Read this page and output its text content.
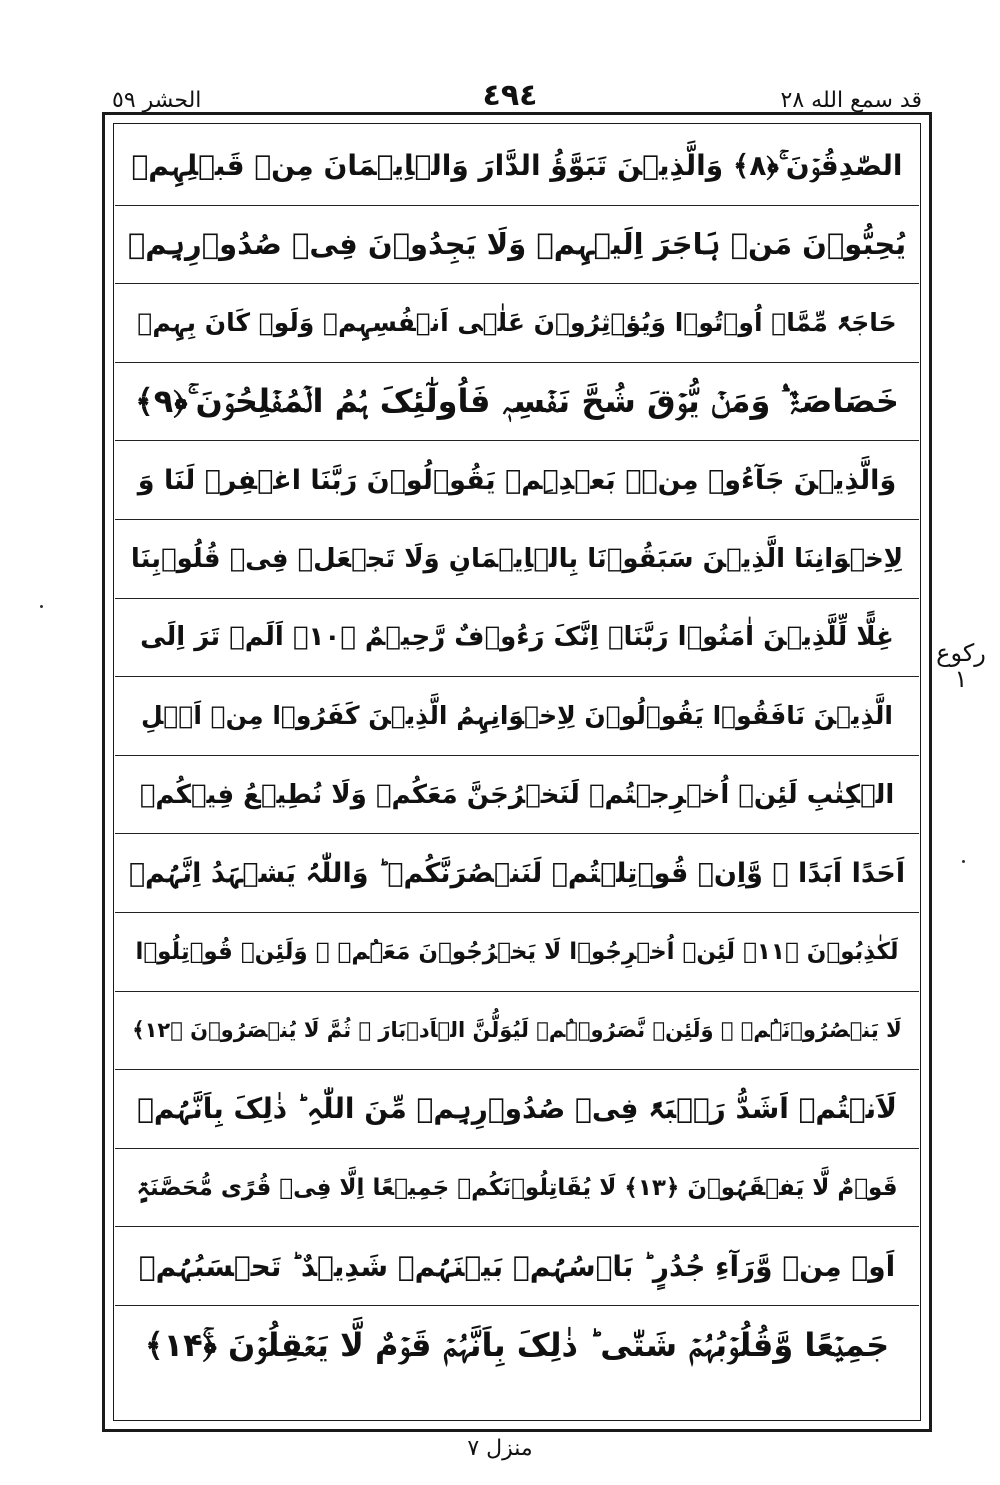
الحشر ٥٩	٤٩٤	قد سمع الله ٢٨
الصّٰدِقُوۡنَ ۚ﴿۸﴾ وَالَّذِیۡنَ تَبَوَّؤُ الدَّارَ وَالۡاِیۡمَانَ مِنۡ قَبۡلِہِمۡ
یُحِبُّوۡنَ مَنۡ ہَاجَرَ اِلَیۡہِمۡ وَلَا یَجِدُوۡنَ فِیۡ صُدُوۡرِہِمۡ
حَاجَۃً مِّمَّاۤ اُوۡتُوۡا وَیُؤۡثِرُوۡنَ عَلٰۤی اَنۡفُسِہِمۡ وَلَوۡ کَانَ بِہِمۡ
خَصَاصَۃٌ ؕ۟ وَمَنۡ یُّوۡقَ شُحَّ نَفۡسِہٖ فَاُولٰٓئِکَ ہُمُ الۡمُفۡلِحُوۡنَ ۚ﴿۹﴾
وَالَّذِیۡنَ جَآءُوۡ مِنۡۢ بَعۡدِہِمۡ یَقُوۡلُوۡنَ رَبَّنَا اغۡفِرۡ لَنَا وَ
لِاِخۡوَانِنَا الَّذِیۡنَ سَبَقُوۡنَا بِالۡاِیۡمَانِ وَلَا تَجۡعَلۡ فِیۡ قُلُوۡبِنَا
غِلًّا لِّلَّذِیۡنَ اٰمَنُوۡا رَبَّنَاۤ اِنَّکَ رَءُوۡفٌ رَّحِیۡمٌ ﴿۱۰﴾ اَلَمۡ تَرَ اِلَی
الَّذِیۡنَ نَافَقُوۡا یَقُوۡلُوۡنَ لِاِخۡوَانِہِمُ الَّذِیۡنَ کَفَرُوۡا مِنۡ اَہۡلِ
الۡکِتٰبِ لَئِنۡ اُخۡرِجۡتُمۡ لَنَخۡرُجَنَّ مَعَکُمۡ وَلَا نُطِیۡعُ فِیۡکُمۡ
اَحَدًا اَبَدًا ۙ وَّاِنۡ قُوۡتِلۡتُمۡ لَنَنۡصُرَنَّکُمۡ ؕ وَاللّٰہُ یَشۡہَدُ اِنَّہُمۡ
لَکٰذِبُوۡنَ ﴿۱۱﴾ لَئِنۡ اُخۡرِجُوۡا لَا یَخۡرُجُوۡنَ مَعَہُمۡ ۚ وَلَئِنۡ قُوۡتِلُوۡا
لَا یَنۡصُرُوۡنَہُمۡ ۚ وَلَئِنۡ نَّصَرُوۡہُمۡ لَیُوَلُّنَّ الۡاَدۡبَارَ ۟ ثُمَّ لَا یُنۡصَرُوۡنَ ﴿۱۲﴾
لَاَنۡتُمۡ اَشَدُّ رَہۡبَۃً فِیۡ صُدُوۡرِہِمۡ مِّنَ اللّٰہِ ؕ ذٰلِکَ بِاَنَّہُمۡ
قَوۡمٌ لَّا یَفۡقَہُوۡنَ ﴿۱۳﴾ لَا یُقَاتِلُوۡنَکُمۡ جَمِیۡعًا اِلَّا فِیۡ قُرًی مُّحَصَّنَۃٍ
اَوۡ مِنۡ وَّرَآءِ جُدُرٍ ؕ بَاۡسُہُمۡ بَیۡنَہُمۡ شَدِیۡدٌ ؕ تَحۡسَبُہُمۡ
جَمِیۡعًا وَّقُلُوۡبُہُمۡ شَتّٰی ؕ ذٰلِکَ بِاَنَّہُمۡ قَوۡمٌ لَّا یَعۡقِلُوۡنَ ﴿ۚ۱۴﴾
رکوع ١
منزل ٧
